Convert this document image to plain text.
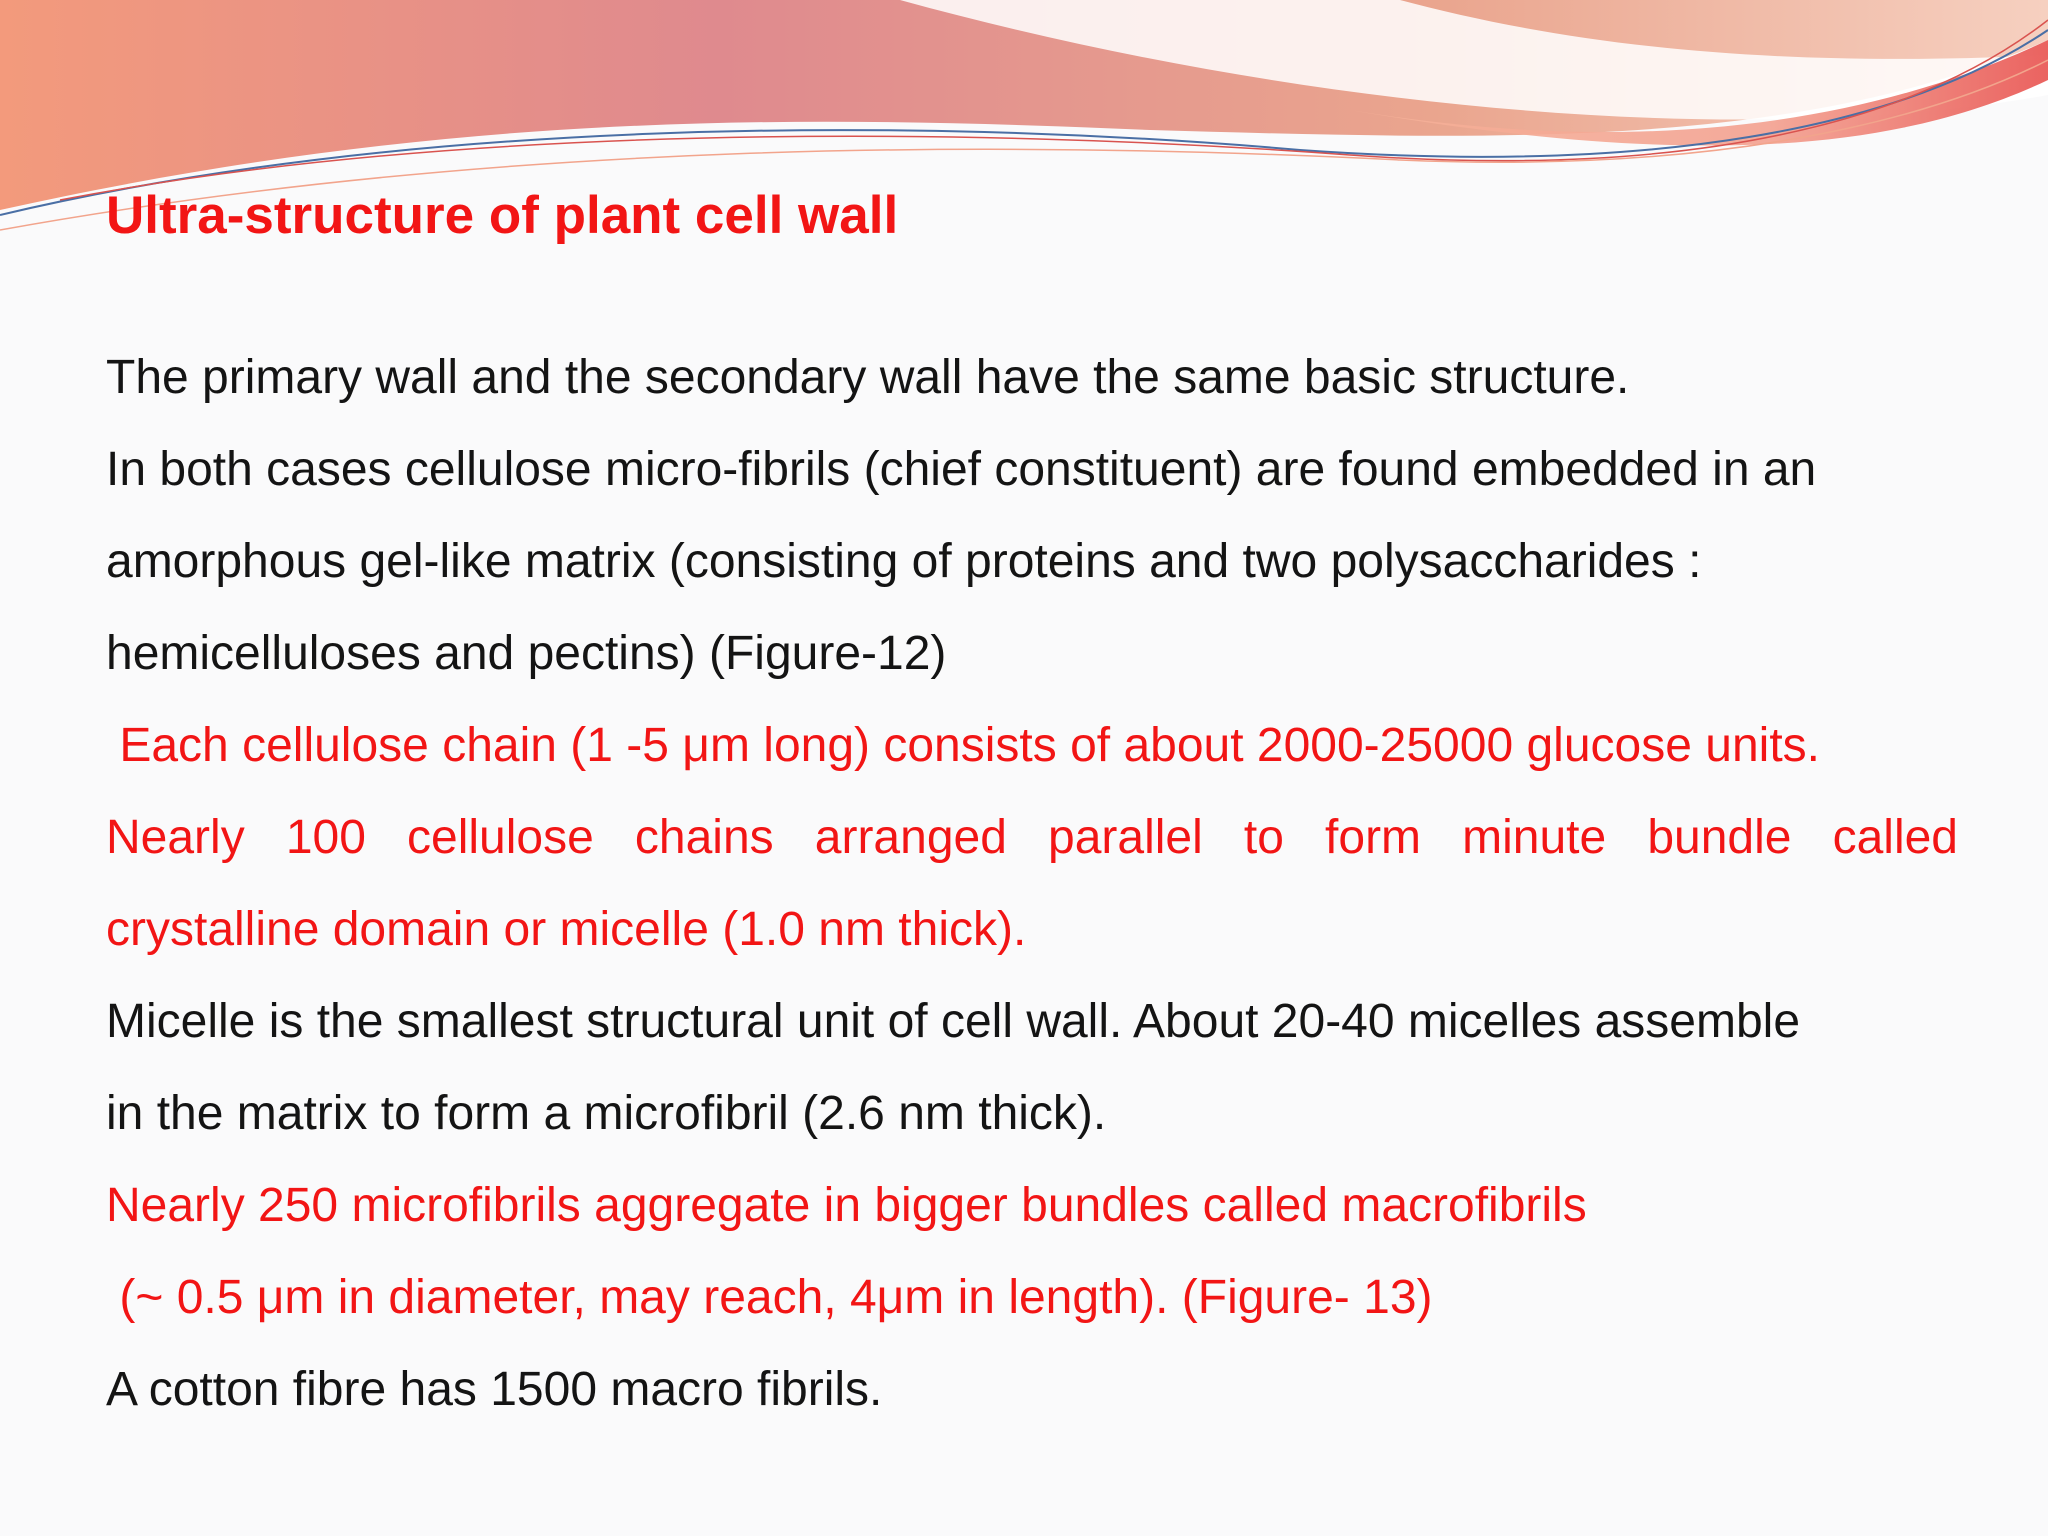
Ultra-structure of plant cell wall
The primary wall and the secondary wall have the same basic structure.
In both cases cellulose micro-fibrils (chief constituent) are found embedded in an
amorphous gel-like matrix (consisting of proteins and two polysaccharides :
hemicelluloses and pectins) (Figure-12)
Each cellulose chain (1 -5 μm long) consists of about 2000-25000 glucose units.
Nearly 100 cellulose chains arranged parallel to form minute bundle called
crystalline domain or micelle (1.0 nm thick).
Micelle is the smallest structural unit of cell wall. About 20-40 micelles assemble
in the matrix to form a microfibril (2.6 nm thick).
Nearly 250 microfibrils aggregate in bigger bundles called macrofibrils
(~ 0.5 μm in diameter, may reach, 4μm in length). (Figure- 13)
A cotton fibre has 1500 macro fibrils.
